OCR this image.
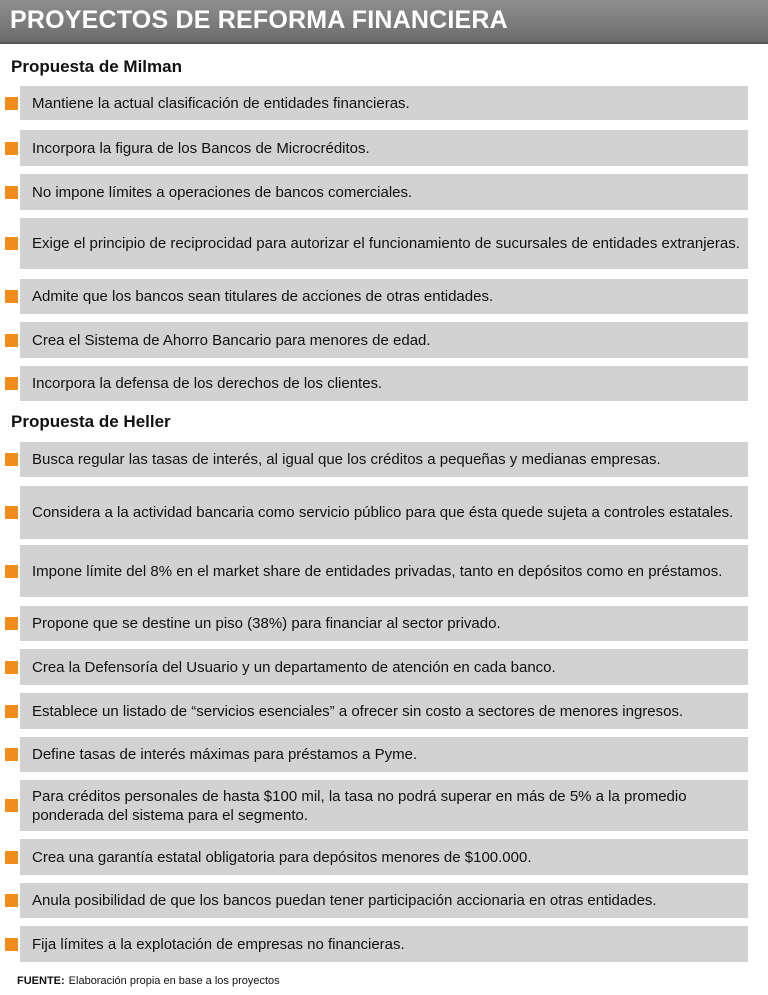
PROYECTOS DE REFORMA FINANCIERA
Propuesta de Milman
Mantiene la actual clasificación de entidades financieras.
Incorpora la figura de los Bancos de Microcréditos.
No impone límites a operaciones de bancos comerciales.
Exige el principio de reciprocidad para autorizar el funcionamiento de sucursales de entidades extranjeras.
Admite que los bancos sean titulares de acciones de otras entidades.
Crea el Sistema de Ahorro Bancario para menores de edad.
Incorpora la defensa de los derechos de los clientes.
Propuesta de Heller
Busca regular las tasas de interés, al igual que los créditos a pequeñas y medianas empresas.
Considera a la actividad bancaria como servicio público para que ésta quede sujeta a controles estatales.
Impone límite del 8% en el market share de entidades privadas, tanto en depósitos como en préstamos.
Propone que se destine un piso (38%) para financiar al sector privado.
Crea la Defensoría del Usuario y un departamento de atención en cada banco.
Establece un listado de “servicios esenciales” a ofrecer sin costo a sectores de menores ingresos.
Define tasas de interés máximas para préstamos a Pyme.
Para créditos personales de hasta $100 mil, la tasa no podrá superar en más de 5% a la promedio ponderada del sistema para el segmento.
Crea una garantía estatal obligatoria para depósitos menores de $100.000.
Anula posibilidad de que los bancos puedan tener participación accionaria en otras entidades.
Fija límites a la explotación de empresas no financieras.
FUENTE: Elaboración propia en base a los proyectos
